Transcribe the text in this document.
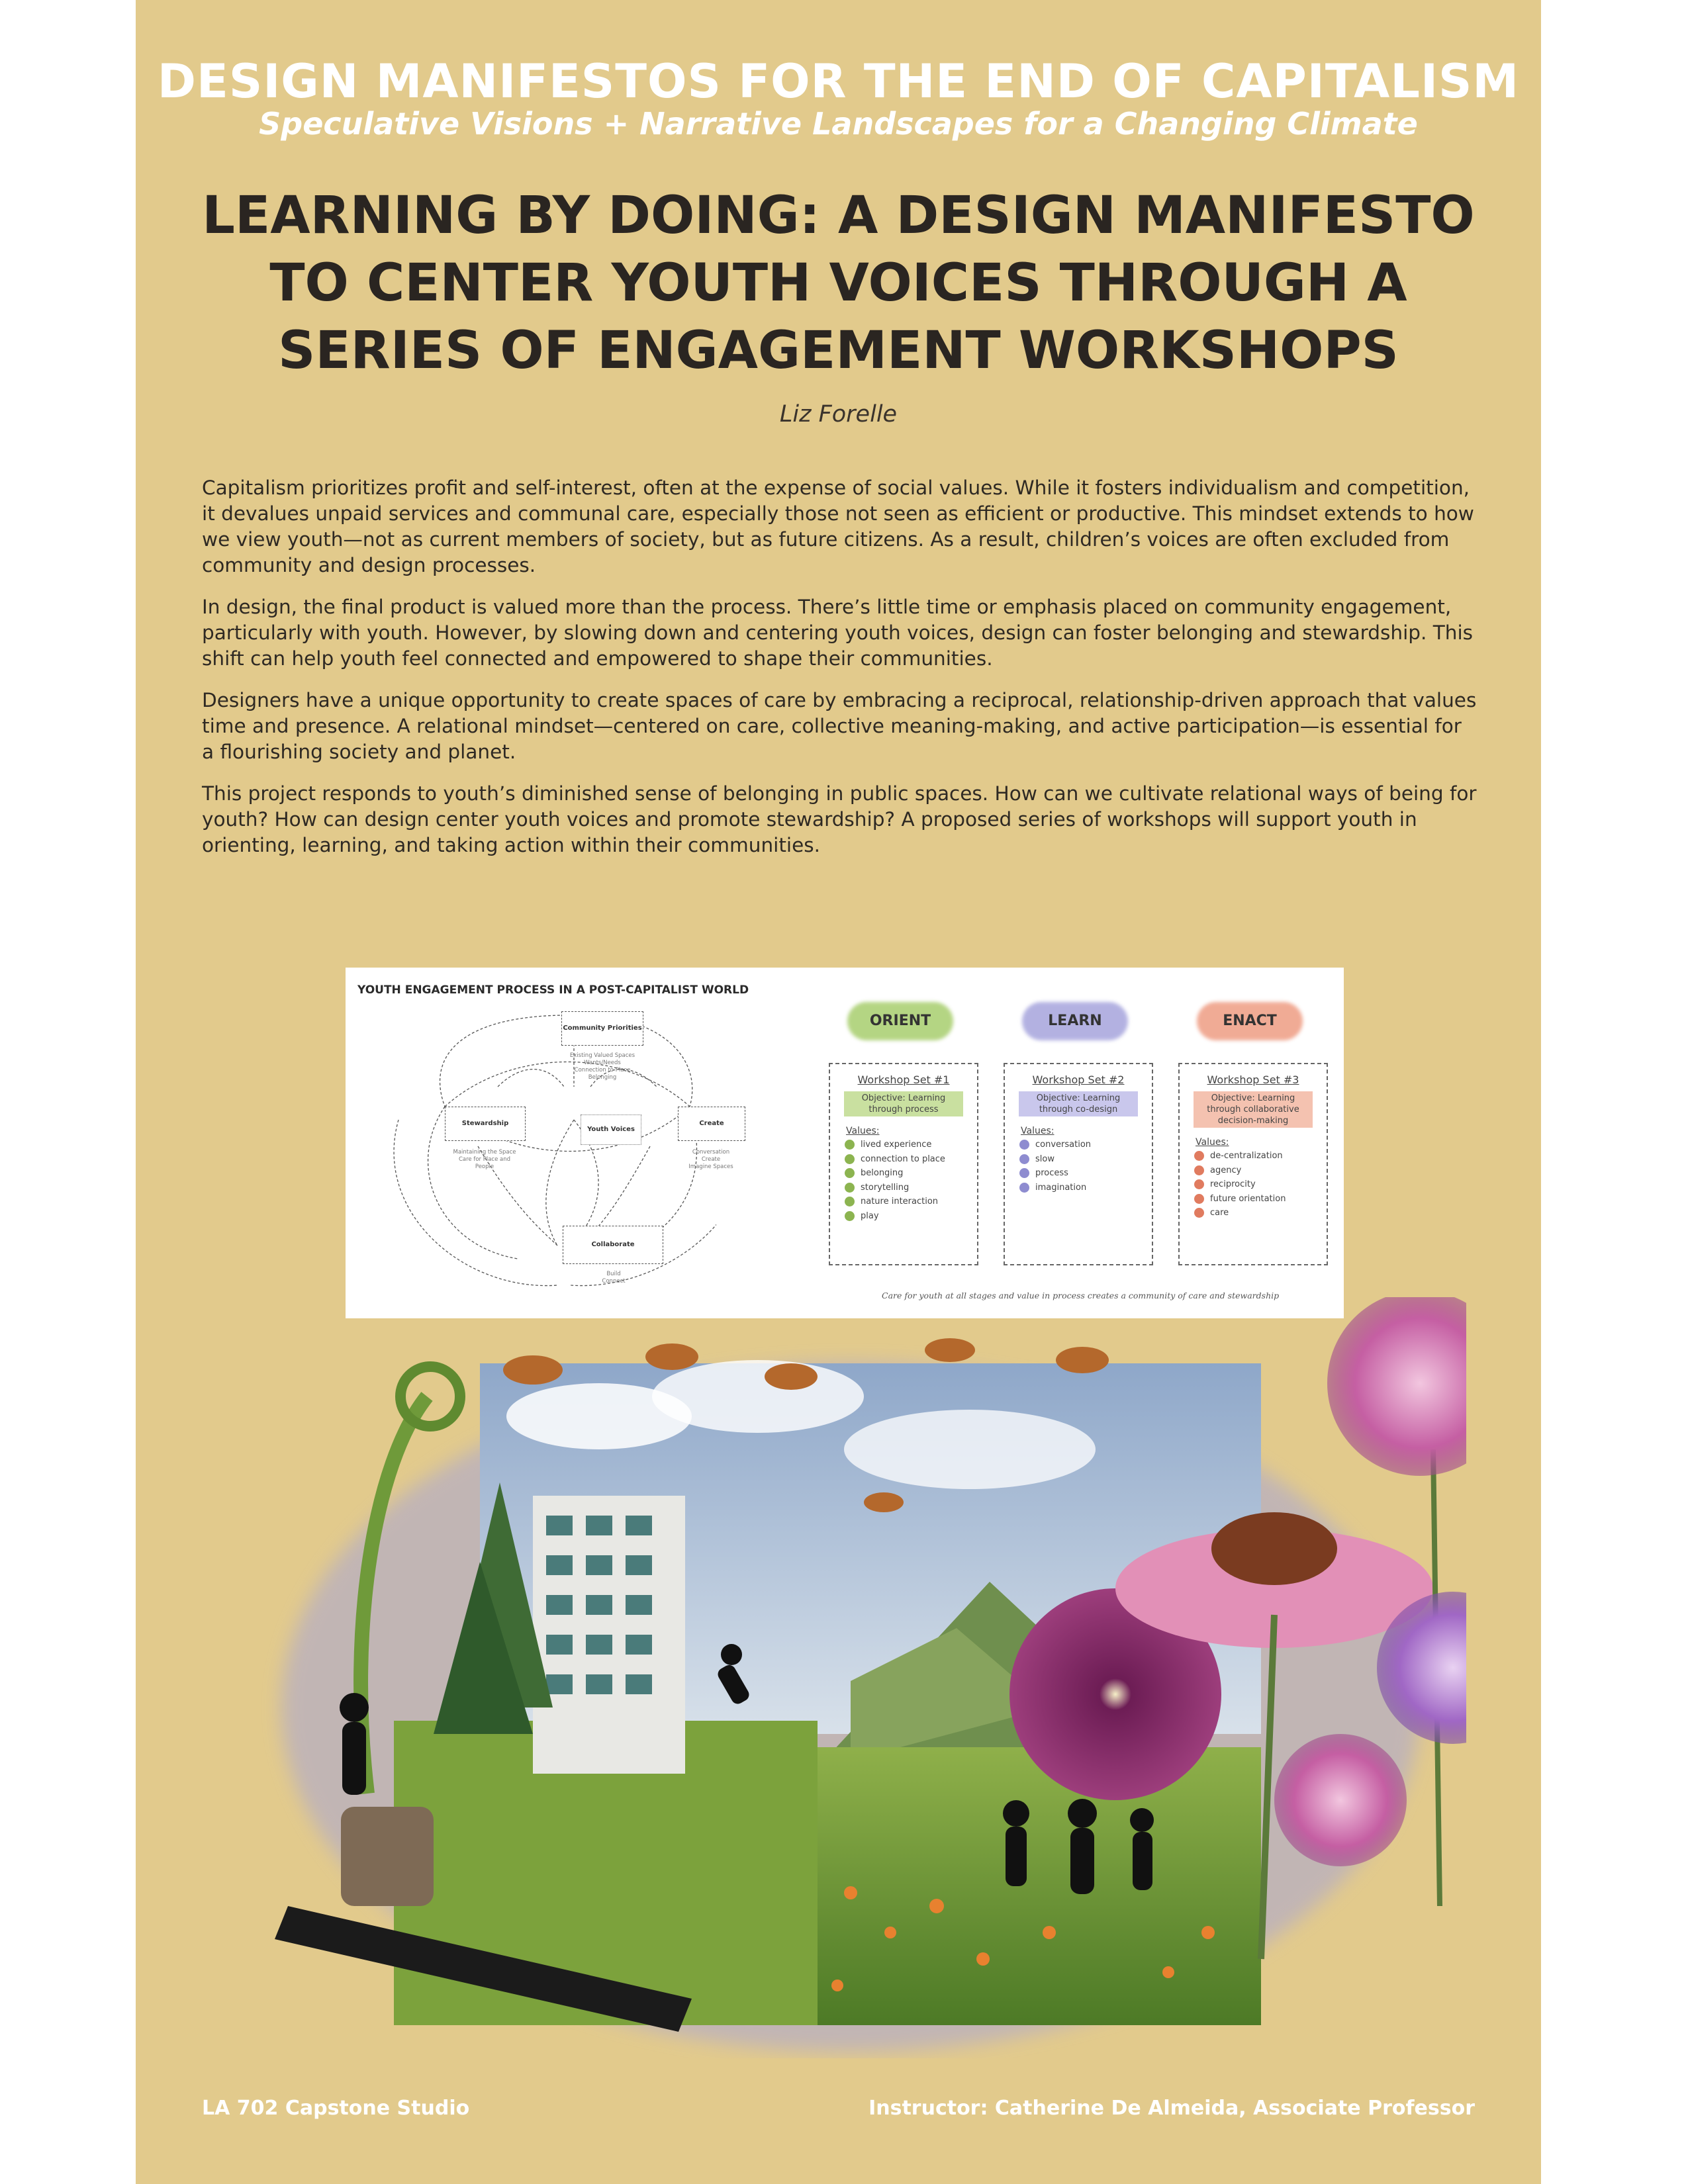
DESIGN MANIFESTOS FOR THE END OF CAPITALISM
Speculative Visions + Narrative Landscapes for a Changing Climate
LEARNING BY DOING: A DESIGN MANIFESTO
TO CENTER YOUTH VOICES THROUGH A
SERIES OF ENGAGEMENT WORKSHOPS

Liz Forelle

Capitalism prioritizes profit and self-interest, often at the expense of social values. While it fosters individualism and competition, it devalues unpaid services and communal care, especially those not seen as efficient or productive. This mindset extends to how we view youth—not as current members of society, but as future citizens. As a result, children’s voices are often excluded from community and design processes.

In design, the final product is valued more than the process. There’s little time or emphasis placed on community engagement, particularly with youth. However, by slowing down and centering youth voices, design can foster belonging and stewardship. This shift can help youth feel connected and empowered to shape their communities.

Designers have a unique opportunity to create spaces of care by embracing a reciprocal, relationship-driven approach that values time and presence. A relational mindset—centered on care, collective meaning-making, and active participation—is essential for a flourishing society and planet.

This project responds to youth’s diminished sense of belonging in public spaces. How can we cultivate relational ways of being for youth? How can design center youth voices and promote stewardship? A proposed series of workshops will support youth in orienting, learning, and taking action within their communities.

YOUTH ENGAGEMENT PROCESS IN A POST-CAPITALIST WORLD

Community Priorities
Existing Valued Spaces
Wants/Needs
Connection to Place
Belonging
Stewardship
Maintaining the Space
Care for Place and
People
Youth Voices
Create
Conversation
Create
Imagine Spaces
Collaborate
Build
Connect
ORIENT	LEARN	ENACT

Workshop Set #1

Objective: Learning through process

Values:

lived experience
connection to place
belonging
storytelling
nature interaction
play

Workshop Set #2

Objective: Learning through co-design

Values:

conversation
slow
process
imagination

Workshop Set #3

Objective: Learning through collaborative decision-making

Values:

de-centralization
agency
reciprocity
future orientation
care

Care for youth at all stages and value in process creates a community of care and stewardship

LA 702 Capstone Studio	Instructor: Catherine De Almeida, Associate Professor
